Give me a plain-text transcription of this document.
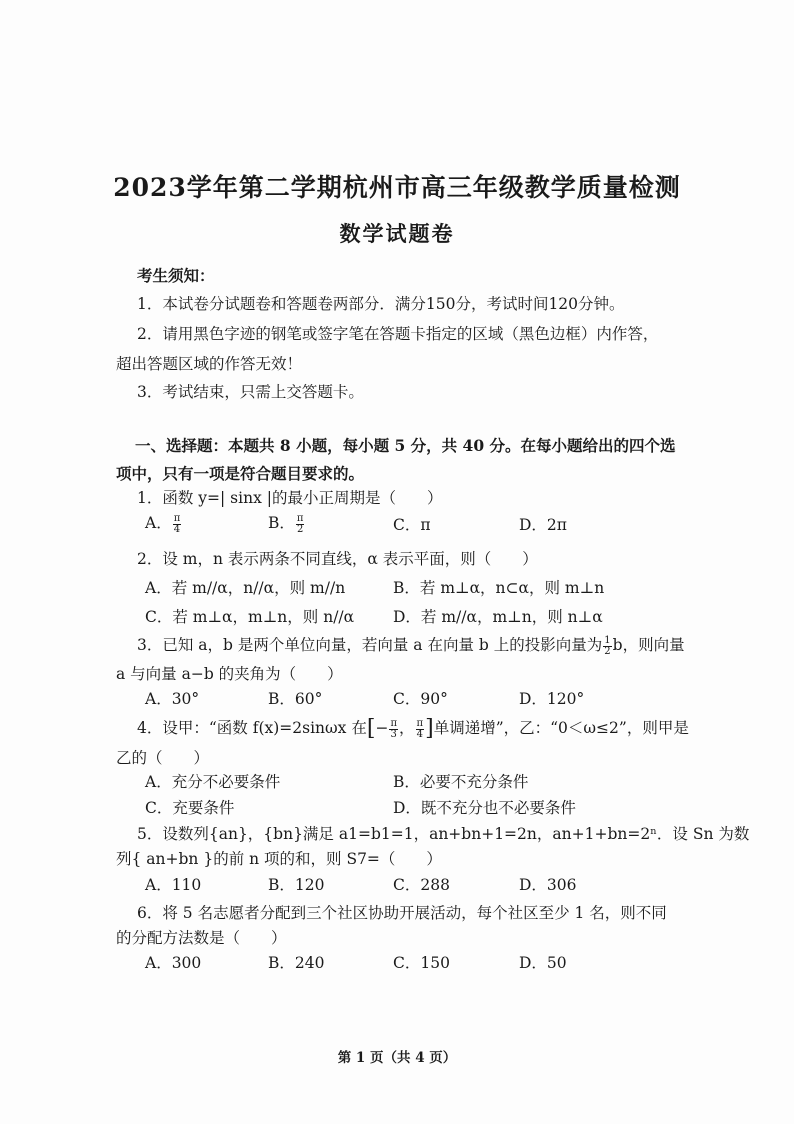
2023学年第二学期杭州市高三年级教学质量检测
数学试题卷
考生须知：
1．本试卷分试题卷和答题卷两部分．满分150分，考试时间120分钟。
2．请用黑色字迹的钢笔或签字笔在答题卡指定的区域（黑色边框）内作答，
超出答题区域的作答无效！
3．考试结束，只需上交答题卡。
一、选择题：本题共 8 小题，每小题 5 分，共 40 分。在每小题给出的四个选
项中，只有一项是符合题目要求的。
1．函数 y=| sinx |的最小正周期是（　　）
A． $\frac{\pi}{4}$	B． $\frac{\pi}{2}$	C．π	D．2π
2．设 m，n 表示两条不同直线，α 表示平面，则（　　）
A．若 m//α，n//α，则 m//n	B．若 m⊥α，n⊂α，则 m⊥n
C．若 m⊥α，m⊥n，则 n//α	D．若 m//α，m⊥n，则 n⊥α
3．已知 a，b 是两个单位向量，若向量 a 在向量 b 上的投影向量为 $\frac{1}{2}$ b，则向量
a 与向量 a−b 的夹角为（　　）
A．30°	B．60°	C．90°	D．120°
4．设甲：“函数 f(x)=2sinωx 在[− $\frac{\pi}{3}$ ， $\frac{\pi}{4}$ ]单调递增”，乙：“0＜ω≤2”，则甲是
乙的（　　）
A．充分不必要条件	B．必要不充分条件
C．充要条件	D．既不充分也不必要条件
5．设数列{an}，{bn}满足 a1=b1=1，an+bn+1=2n，an+1+bn=2ⁿ．设 Sn 为数
列{ an+bn }的前 n 项的和，则 S7=（　　）
A．110	B．120	C．288	D．306
6．将 5 名志愿者分配到三个社区协助开展活动，每个社区至少 1 名，则不同
的分配方法数是（　　）
A．300	B．240	C．150	D．50
第 1 页（共 4 页）
